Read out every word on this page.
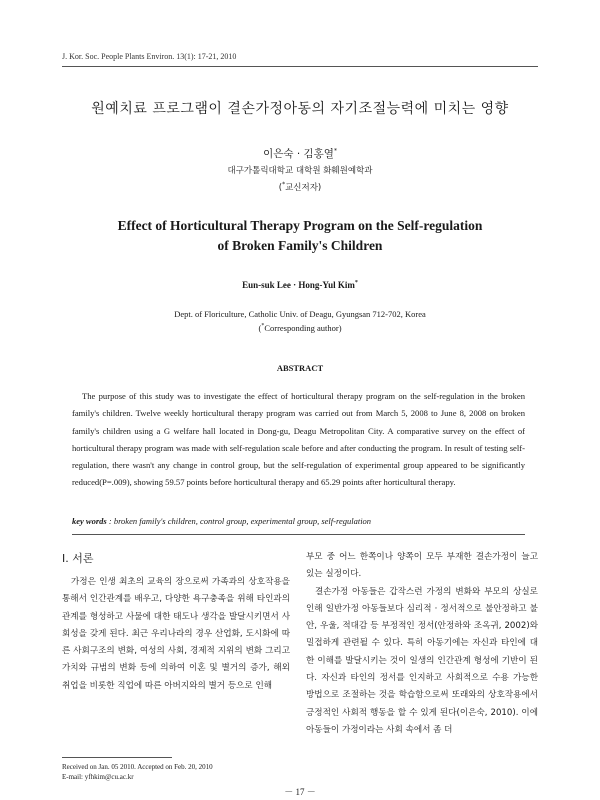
J. Kor. Soc. People Plants Environ. 13(1): 17-21, 2010
원예치료 프로그램이 결손가정아동의 자기조절능력에 미치는 영향
이은숙 · 김홍열*
대구가톨릭대학교 대학원 화훼원예학과
(*교신저자)
Effect of Horticultural Therapy Program on the Self-regulation
of Broken Family's Children
Eun-suk Lee · Hong-Yul Kim*
Dept. of Floriculture, Catholic Univ. of Deagu, Gyungsan 712-702, Korea
(*Corresponding author)
ABSTRACT
The purpose of this study was to investigate the effect of horticultural therapy program on the self-regulation in the broken family's children. Twelve weekly horticultural therapy program was carried out from March 5, 2008 to June 8, 2008 on broken family's children using a G welfare hall located in Dong-gu, Deagu Metropolitan City. A comparative survey on the effect of horticultural therapy program was made with self-regulation scale before and after conducting the program. In result of testing self-regulation, there wasn't any change in control group, but the self-regulation of experimental group appeared to be significantly reduced(P=.009), showing 59.57 points before horticultural therapy and 65.29 points after horticultural therapy.
key words : broken family's children, control group, experimental group, self-regulation
Ⅰ. 서론
가정은 인생 최초의 교육의 장으로써 가족과의 상호작용을 통해서 인간관계를 배우고, 다양한 욕구충족을 위해 타인과의 관계를 형성하고 사물에 대한 태도나 생각을 발달시키면서 사회성을 갖게 된다. 최근 우리나라의 경우 산업화, 도시화에 따른 사회구조의 변화, 여성의 사회, 경제적 지위의 변화 그리고 가치와 규범의 변화 등에 의하여 이혼 및 별거의 증가, 해외 취업을 비롯한 직업에 따른 아버지와의 별거 등으로 인해
부모 중 어느 한쪽이나 양쪽이 모두 부재한 결손가정이 늘고 있는 실정이다.
결손가정 아동들은 갑작스런 가정의 변화와 부모의 상실로 인해 일반가정 아동들보다 심리적 · 정서적으로 불안정하고 불안, 우울, 적대감 등 부정적인 정서(안정하와 조옥귀, 2002)와 밀접하게 관련될 수 있다. 특히 아동기에는 자신과 타인에 대한 이해를 발달시키는 것이 일생의 인간관계 형성에 기반이 된다. 자신과 타인의 정서를 인지하고 사회적으로 수용 가능한 방법으로 조절하는 것을 학습함으로써 또래와의 상호작용에서 긍정적인 사회적 행동을 할 수 있게 된다(이은숙, 2010). 이에 아동들이 가정이라는 사회 속에서 좀 더
Received on Jan. 05 2010. Accepted on Feb. 20, 2010
E-mail: yfhkim@cu.ac.kr
－ 17 －
